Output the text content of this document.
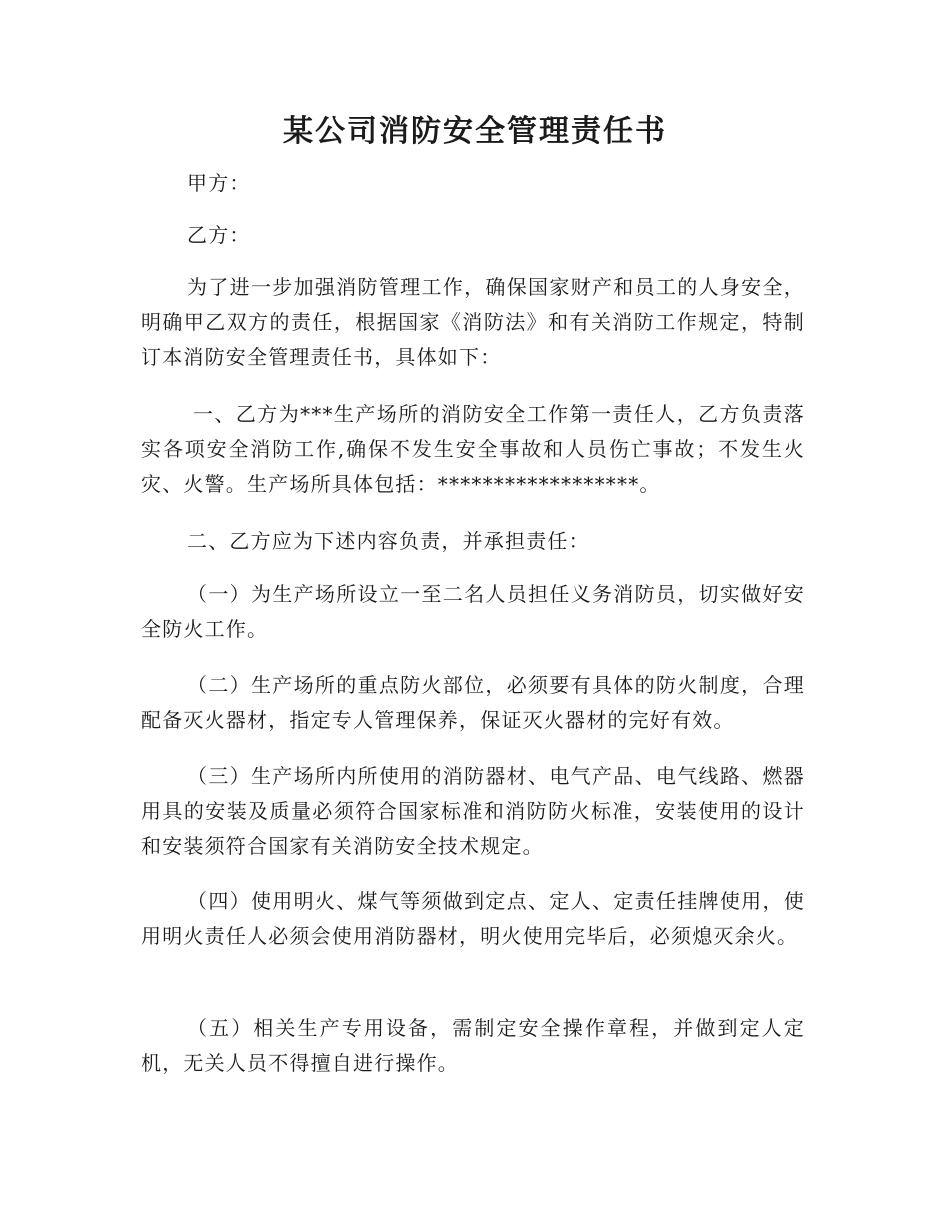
某公司消防安全管理责任书
甲方：
乙方：
为了进一步加强消防管理工作，确保国家财产和员工的人身安全，明确甲乙双方的责任，根据国家《消防法》和有关消防工作规定，特制订本消防安全管理责任书，具体如下：
一、乙方为***生产场所的消防安全工作第一责任人，乙方负责落实各项安全消防工作,确保不发生安全事故和人员伤亡事故；不发生火灾、火警。生产场所具体包括：******************。
二、乙方应为下述内容负责，并承担责任：
（一）为生产场所设立一至二名人员担任义务消防员，切实做好安全防火工作。
（二）生产场所的重点防火部位，必须要有具体的防火制度，合理配备灭火器材，指定专人管理保养，保证灭火器材的完好有效。
（三）生产场所内所使用的消防器材、电气产品、电气线路、燃器用具的安装及质量必须符合国家标准和消防防火标准，安装使用的设计和安装须符合国家有关消防安全技术规定。
（四）使用明火、煤气等须做到定点、定人、定责任挂牌使用，使用明火责任人必须会使用消防器材，明火使用完毕后，必须熄灭余火。
（五）相关生产专用设备，需制定安全操作章程，并做到定人定机，无关人员不得擅自进行操作。
